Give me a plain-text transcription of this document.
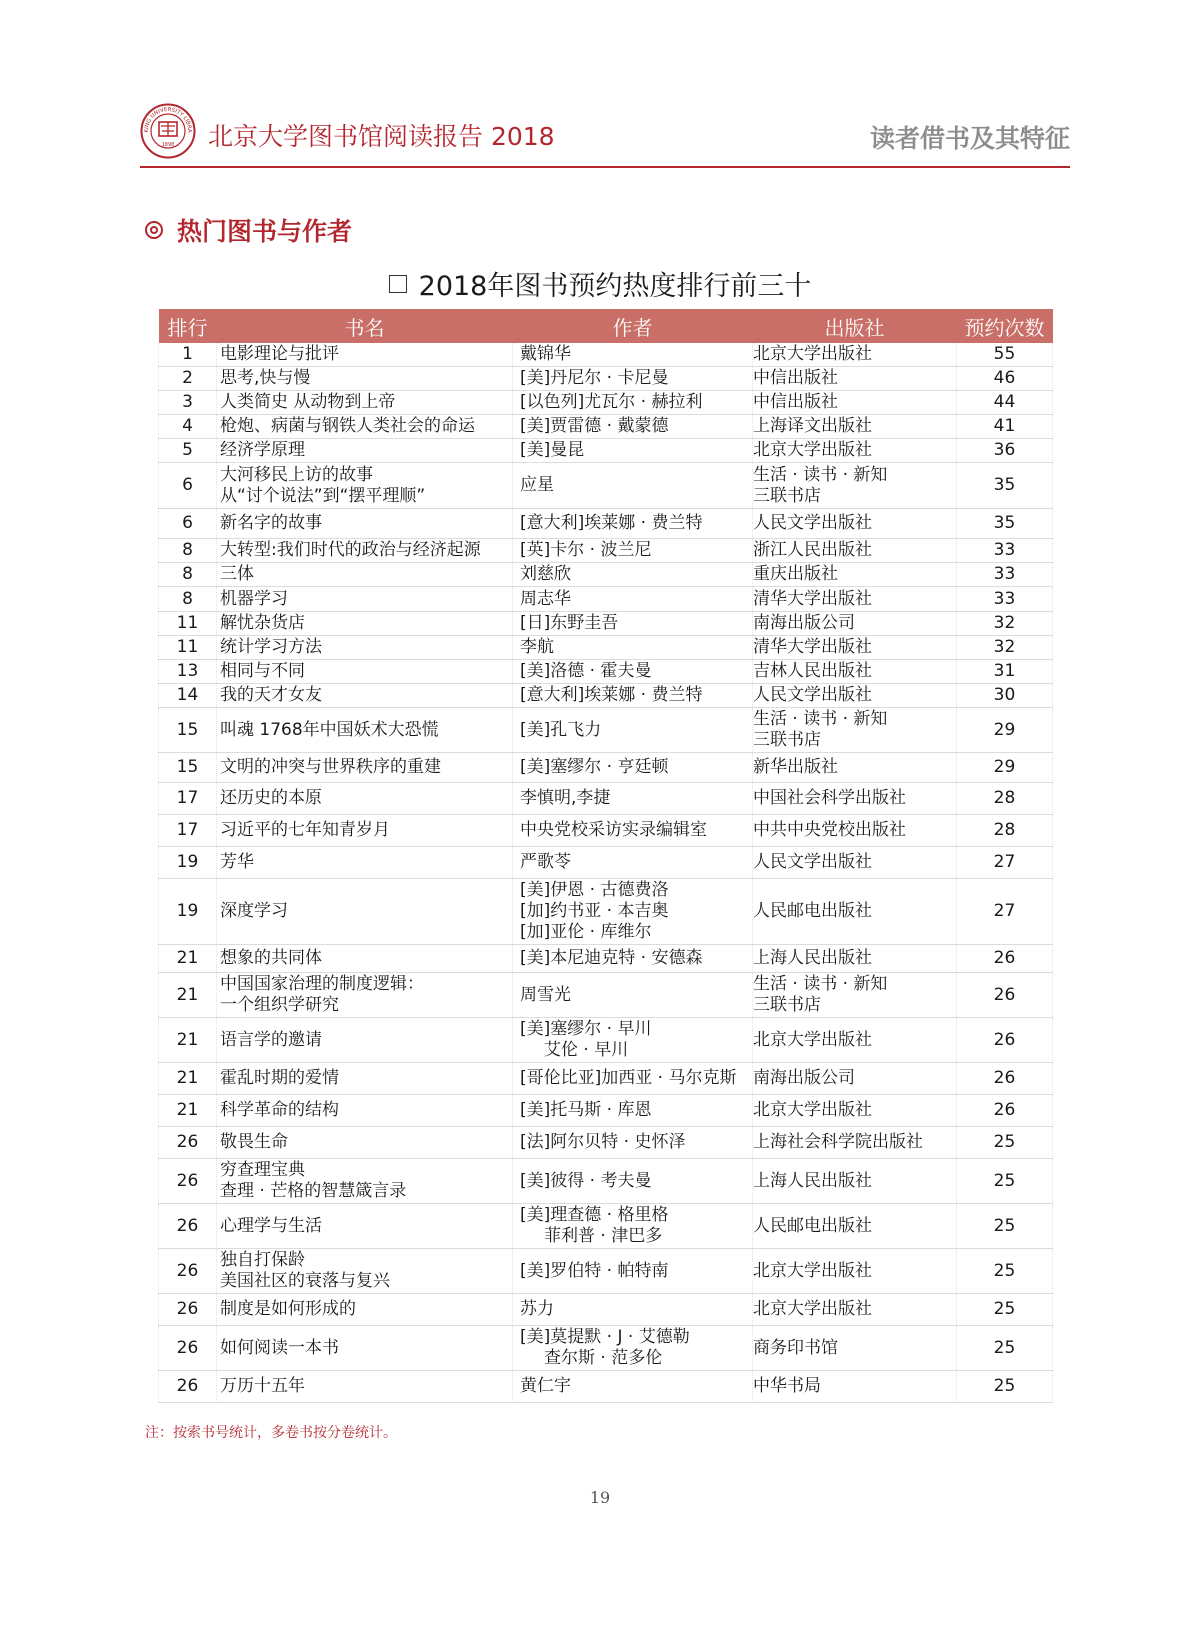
KING UNIVERSITY LIBRA
1898 北京大学图书馆阅读报告 2018	读者借书及其特征
热门图书与作者
2018年图书预约热度排行前三十
排行	书名	作者	出版社	预约次数
1	电影理论与批评	戴锦华	北京大学出版社	55
2	思考,快与慢	[美]丹尼尔 · 卡尼曼	中信出版社	46
3	人类简史 从动物到上帝	[以色列]尤瓦尔 · 赫拉利	中信出版社	44
4	枪炮、病菌与钢铁人类社会的命运	[美]贾雷德 · 戴蒙德	上海译文出版社	41
5	经济学原理	[美]曼昆	北京大学出版社	36
6	大河移民上访的故事
从“讨个说法”到“摆平理顺”	应星	生活 · 读书 · 新知
三联书店	35
6	新名字的故事	[意大利]埃莱娜 · 费兰特	人民文学出版社	35
8	大转型:我们时代的政治与经济起源	[英]卡尔 · 波兰尼	浙江人民出版社	33
8	三体	刘慈欣	重庆出版社	33
8	机器学习	周志华	清华大学出版社	33
11	解忧杂货店	[日]东野圭吾	南海出版公司	32
11	统计学习方法	李航	清华大学出版社	32
13	相同与不同	[美]洛德 · 霍夫曼	吉林人民出版社	31
14	我的天才女友	[意大利]埃莱娜 · 费兰特	人民文学出版社	30
15	叫魂 1768年中国妖术大恐慌	[美]孔飞力	生活 · 读书 · 新知
三联书店	29
15	文明的冲突与世界秩序的重建	[美]塞缪尔 · 亨廷顿	新华出版社	29
17	还历史的本原	李慎明,李捷	中国社会科学出版社	28
17	习近平的七年知青岁月	中央党校采访实录编辑室	中共中央党校出版社	28
19	芳华	严歌苓	人民文学出版社	27
19	深度学习	[美]伊恩 · 古德费洛
[加]约书亚 · 本吉奥
[加]亚伦 · 库维尔	人民邮电出版社	27
21	想象的共同体	[美]本尼迪克特 · 安德森	上海人民出版社	26
21	中国国家治理的制度逻辑：
一个组织学研究	周雪光	生活 · 读书 · 新知
三联书店	26
21	语言学的邀请	[美]塞缪尔 · 早川
艾伦 · 早川	北京大学出版社	26
21	霍乱时期的爱情	[哥伦比亚]加西亚 · 马尔克斯	南海出版公司	26
21	科学革命的结构	[美]托马斯 · 库恩	北京大学出版社	26
26	敬畏生命	[法]阿尔贝特 · 史怀泽	上海社会科学院出版社	25
26	穷查理宝典
查理 · 芒格的智慧箴言录	[美]彼得 · 考夫曼	上海人民出版社	25
26	心理学与生活	[美]理查德 · 格里格
菲利普 · 津巴多	人民邮电出版社	25
26	独自打保龄
美国社区的衰落与复兴	[美]罗伯特 · 帕特南	北京大学出版社	25
26	制度是如何形成的	苏力	北京大学出版社	25
26	如何阅读一本书	[美]莫提默 · J · 艾德勒
查尔斯 · 范多伦	商务印书馆	25
26	万历十五年	黄仁宇	中华书局	25
注：按索书号统计，多卷书按分卷统计。
19
